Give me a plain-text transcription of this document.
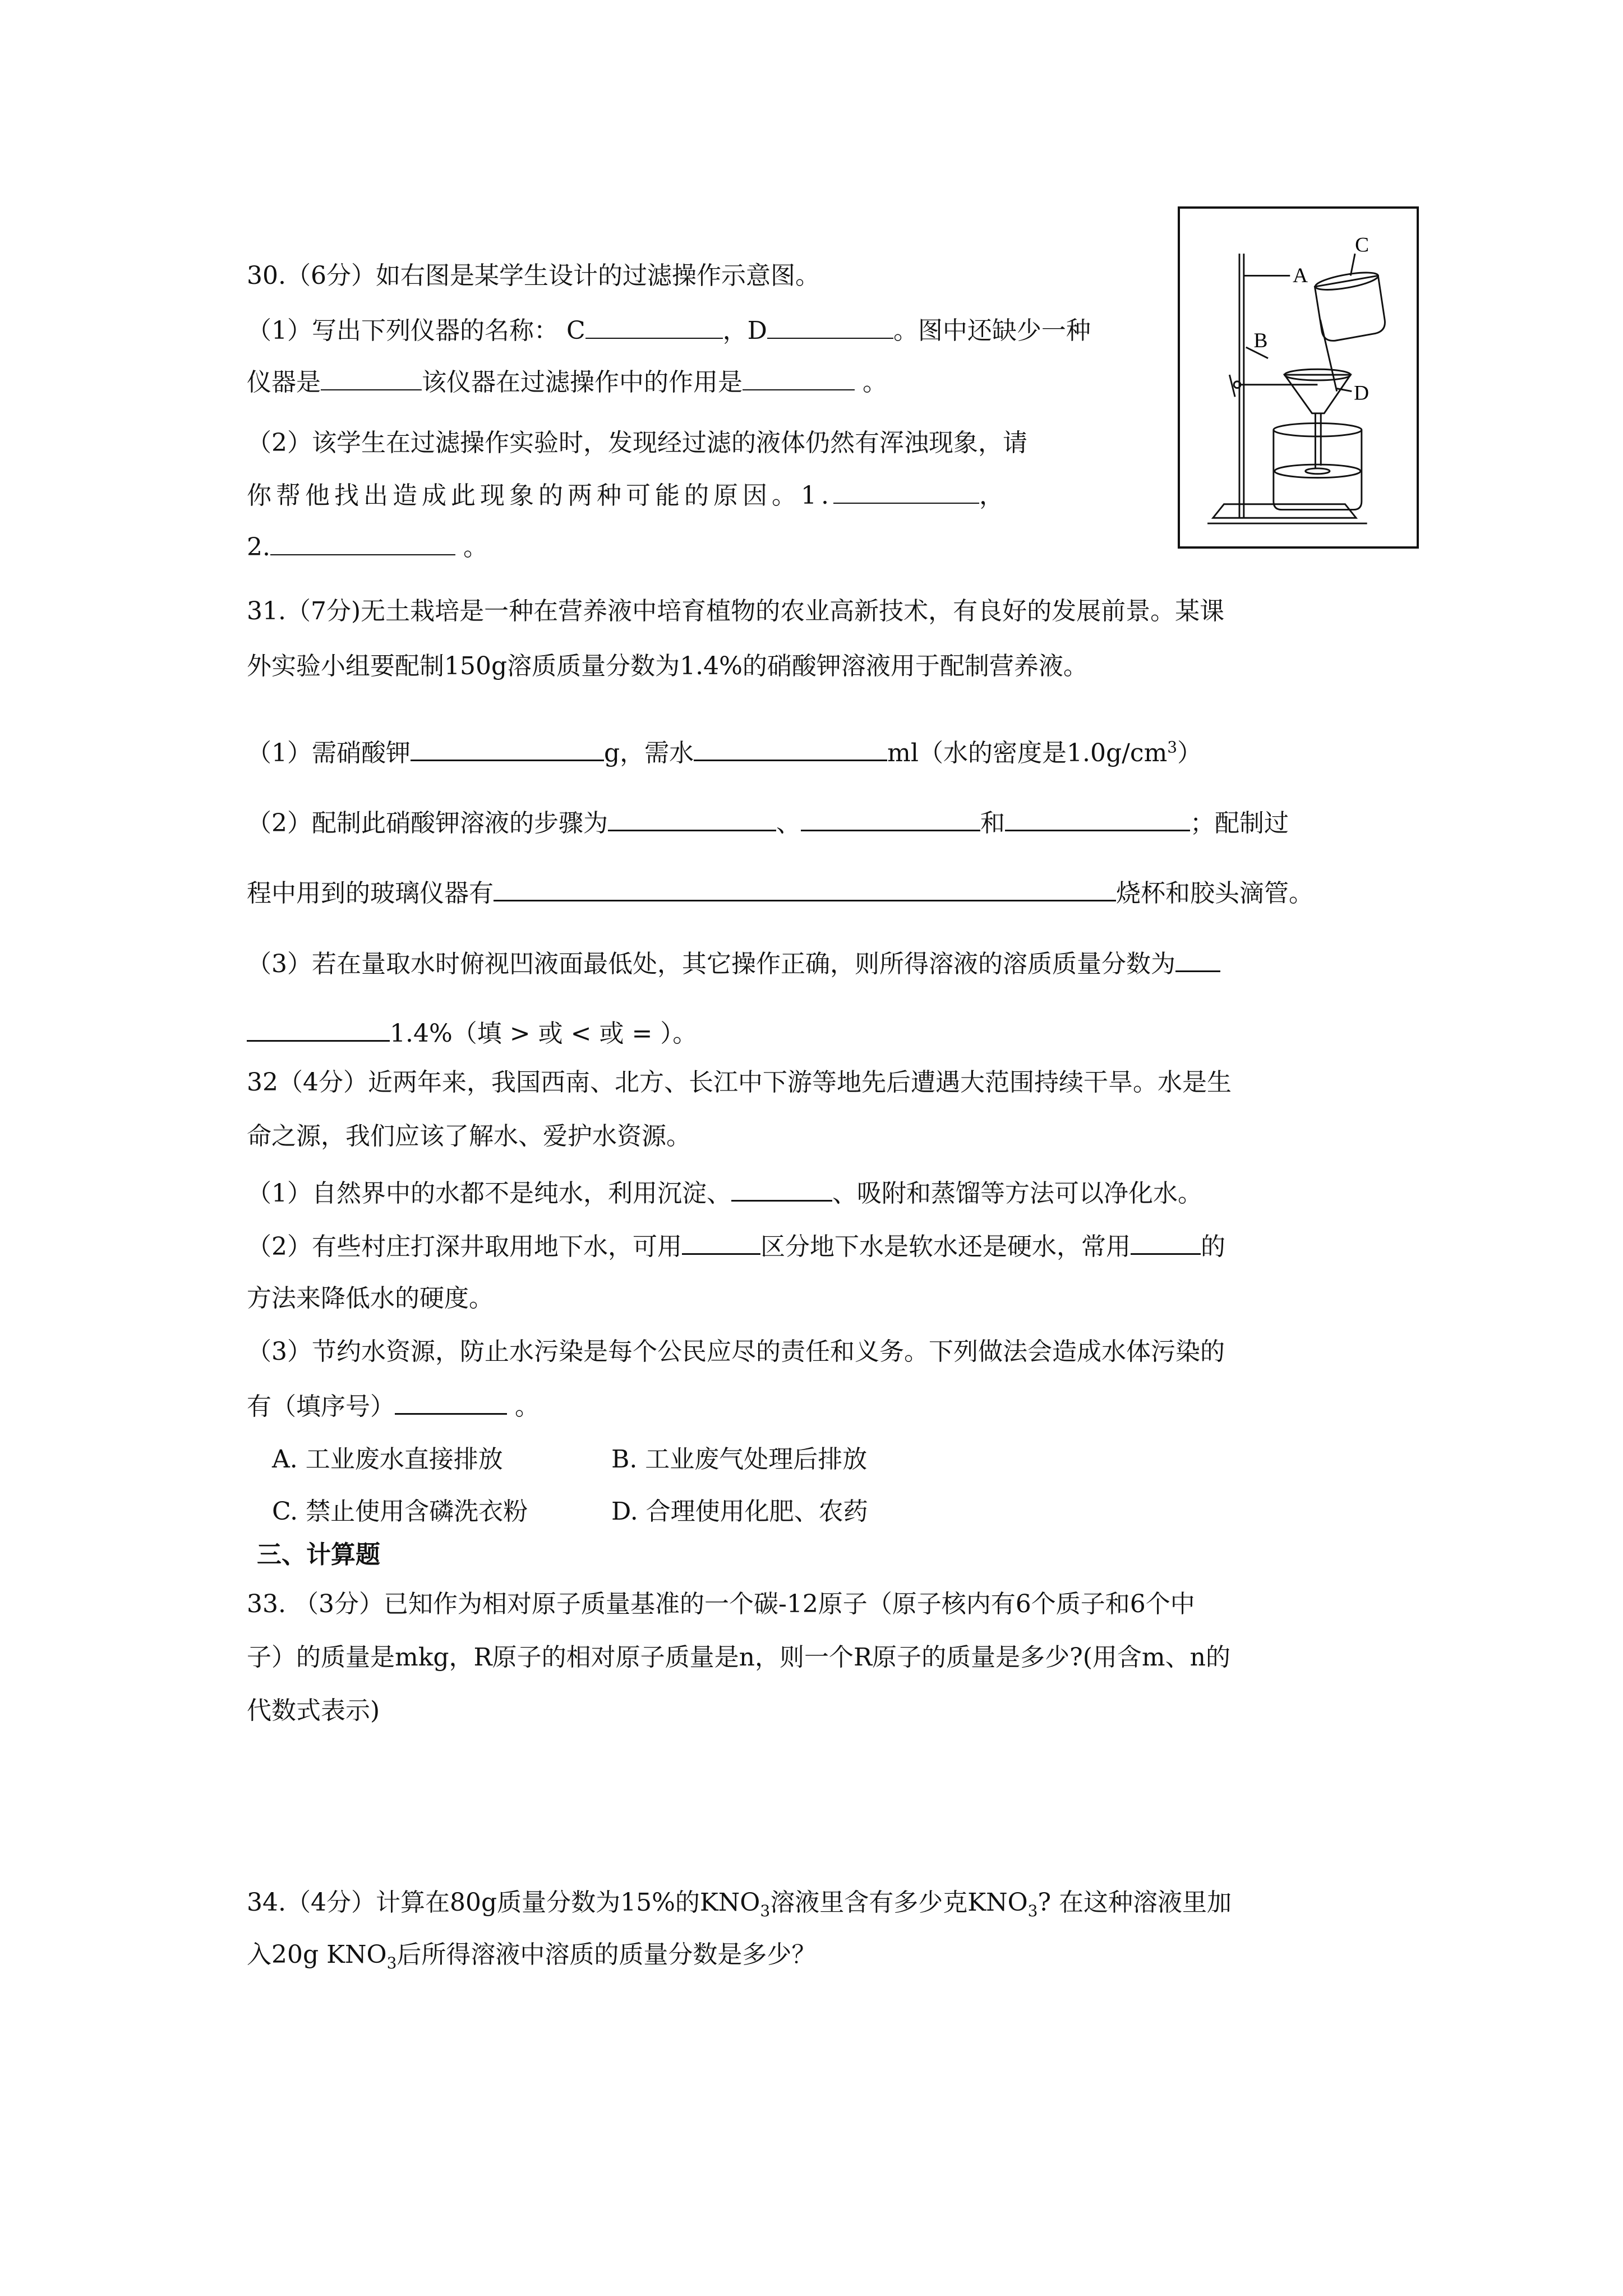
30.（6分）如右图是某学生设计的过滤操作示意图。
（1）写出下列仪器的名称： C	，D	。图中还缺少一种
仪器是	该仪器在过滤操作中的作用是	。
（2）该学生在过滤操作实验时，发现经过滤的液体仍然有浑浊现象，请
你帮他找出造成此现象的两种可能的原因。1.	，
2.	。
A
B
C
D
31.（7分)无土栽培是一种在营养液中培育植物的农业高新技术，有良好的发展前景。某课
外实验小组要配制150g溶质质量分数为1.4%的硝酸钾溶液用于配制营养液。
（1）需硝酸钾	g，需水	ml（水的密度是$1.0g/cm^3$）
（2）配制此硝酸钾溶液的步骤为	、	和	；配制过
程中用到的玻璃仪器有	烧杯和胶头滴管。
（3）若在量取水时俯视凹液面最低处，其它操作正确，则所得溶液的溶质质量分数为
1.4%（填 > 或 < 或 = ）。
32（4分）近两年来，我国西南、北方、长江中下游等地先后遭遇大范围持续干旱。水是生
命之源，我们应该了解水、爱护水资源。
（1）自然界中的水都不是纯水，利用沉淀、	、吸附和蒸馏等方法可以净化水。
（2）有些村庄打深井取用地下水，可用	区分地下水是软水还是硬水，常用	的
方法来降低水的硬度。
（3）节约水资源，防止水污染是每个公民应尽的责任和义务。下列做法会造成水体污染的
有（填序号）	。
A. 工业废水直接排放	B. 工业废气处理后排放
C. 禁止使用含磷洗衣粉	D. 合理使用化肥、农药
三、计算题
33. （3分）已知作为相对原子质量基准的一个碳-12原子（原子核内有6个质子和6个中
子）的质量是mkg，R原子的相对原子质量是n，则一个R原子的质量是多少?(用含m、n的
代数式表示)
34.（4分）计算在80g质量分数为15%的$KNO_3$溶液里含有多少克$KNO_3$? 在这种溶液里加
入20g $KNO_3$后所得溶液中溶质的质量分数是多少？
